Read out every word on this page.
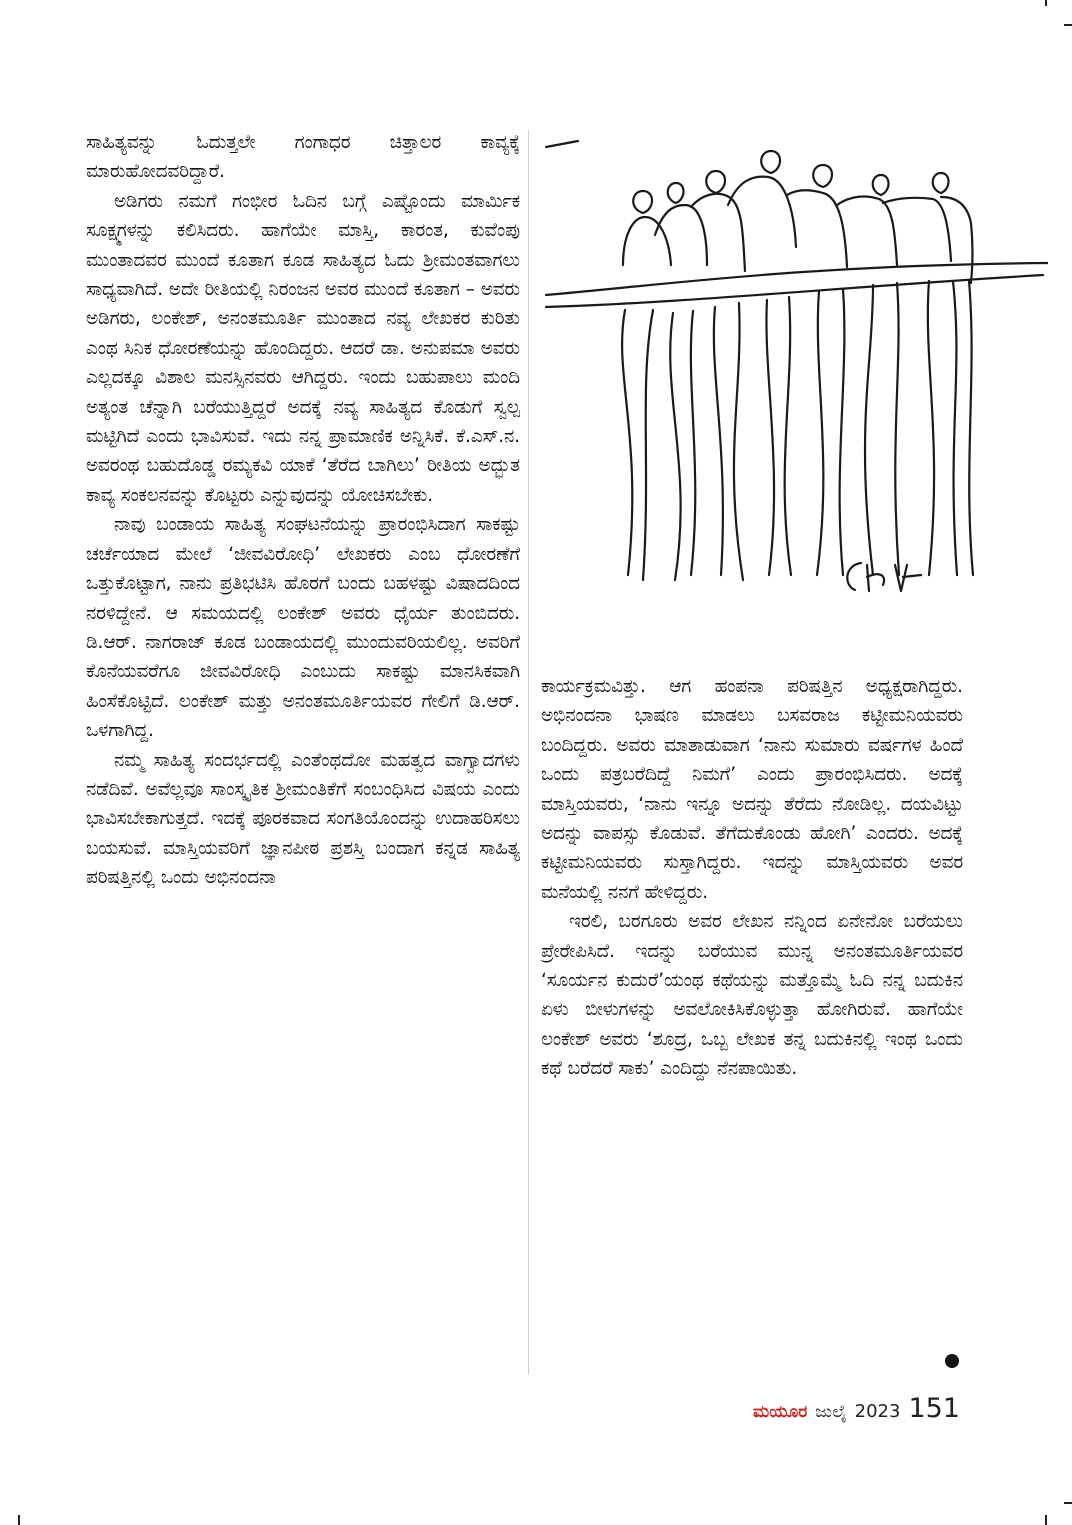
ಸಾಹಿತ್ಯವನ್ನು ಓದುತ್ತಲೇ ಗಂಗಾಧರ ಚಿತ್ತಾಲರ ಕಾವ್ಯಕ್ಕೆ ಮಾರುಹೋದವರಿದ್ದಾರೆ.

ಅಡಿಗರು ನಮಗೆ ಗಂಭೀರ ಓದಿನ ಬಗ್ಗೆ ಎಷ್ಟೊಂದು ಮಾರ್ಮಿಕ ಸೂಕ್ಷ್ಮಗಳನ್ನು ಕಲಿಸಿದರು. ಹಾಗೆಯೇ ಮಾಸ್ತಿ, ಕಾರಂತ, ಕುವೆಂಪು ಮುಂತಾದವರ ಮುಂದೆ ಕೂತಾಗ ಕೂಡ ಸಾಹಿತ್ಯದ ಓದು ಶ್ರೀಮಂತವಾಗಲು ಸಾಧ್ಯವಾಗಿದೆ. ಅದೇ ರೀತಿಯಲ್ಲಿ ನಿರಂಜನ ಅವರ ಮುಂದೆ ಕೂತಾಗ – ಅವರು ಅಡಿಗರು, ಲಂಕೇಶ್, ಅನಂತಮೂರ್ತಿ ಮುಂತಾದ ನವ್ಯ ಲೇಖಕರ ಕುರಿತು ಎಂಥ ಸಿನಿಕ ಧೋರಣೆಯನ್ನು ಹೊಂದಿದ್ದರು. ಆದರೆ ಡಾ. ಅನುಪಮಾ ಅವರು ಎಲ್ಲದಕ್ಕೂ ವಿಶಾಲ ಮನಸ್ಸಿನವರು ಆಗಿದ್ದರು. ಇಂದು ಬಹುಪಾಲು ಮಂದಿ ಅತ್ಯಂತ ಚೆನ್ನಾಗಿ ಬರೆಯುತ್ತಿದ್ದರೆ ಅದಕ್ಕೆ ನವ್ಯ ಸಾಹಿತ್ಯದ ಕೊಡುಗೆ ಸ್ವಲ್ಪ ಮಟ್ಟಿಗಿದೆ ಎಂದು ಭಾವಿಸುವೆ. ಇದು ನನ್ನ ಪ್ರಾಮಾಣಿಕ ಅನ್ನಿಸಿಕೆ. ಕೆ.ಎಸ್.ನ. ಅವರಂಥ ಬಹುದೊಡ್ಡ ರಮ್ಯಕವಿ ಯಾಕೆ ‘ತೆರೆದ ಬಾಗಿಲು’ ರೀತಿಯ ಅದ್ಭುತ ಕಾವ್ಯ ಸಂಕಲನವನ್ನು ಕೊಟ್ಟರು ಎನ್ನುವುದನ್ನು ಯೋಚಿಸಬೇಕು.

ನಾವು ಬಂಡಾಯ ಸಾಹಿತ್ಯ ಸಂಘಟನೆಯನ್ನು ಪ್ರಾರಂಭಿಸಿದಾಗ ಸಾಕಷ್ಟು ಚರ್ಚೆಯಾದ ಮೇಲೆ ‘ಜೀವವಿರೋಧಿ’ ಲೇಖಕರು ಎಂಬ ಧೋರಣೆಗೆ ಒತ್ತುಕೊಟ್ಟಾಗ, ನಾನು ಪ್ರತಿಭಟಿಸಿ ಹೊರಗೆ ಬಂದು ಬಹಳಷ್ಟು ವಿಷಾದದಿಂದ ನರಳಿದ್ದೇನೆ. ಆ ಸಮಯದಲ್ಲಿ ಲಂಕೇಶ್ ಅವರು ಧೈರ್ಯ ತುಂಬಿದರು. ಡಿ.ಆರ್. ನಾಗರಾಜ್ ಕೂಡ ಬಂಡಾಯದಲ್ಲಿ ಮುಂದುವರಿಯಲಿಲ್ಲ. ಅವರಿಗೆ ಕೊನೆಯವರೆಗೂ ಜೀವವಿರೋಧಿ ಎಂಬುದು ಸಾಕಷ್ಟು ಮಾನಸಿಕವಾಗಿ ಹಿಂಸೆಕೊಟ್ಟಿದೆ. ಲಂಕೇಶ್ ಮತ್ತು ಅನಂತಮೂರ್ತಿಯವರ ಗೇಲಿಗೆ ಡಿ.ಆರ್. ಒಳಗಾಗಿದ್ದ.

ನಮ್ಮ ಸಾಹಿತ್ಯ ಸಂದರ್ಭದಲ್ಲಿ ಎಂತೆಂಥದೋ ಮಹತ್ವದ ವಾಗ್ವಾದಗಳು ನಡೆದಿವೆ. ಅವೆಲ್ಲವೂ ಸಾಂಸ್ಕೃತಿಕ ಶ್ರೀಮಂತಿಕೆಗೆ ಸಂಬಂಧಿಸಿದ ವಿಷಯ ಎಂದು ಭಾವಿಸಬೇಕಾಗುತ್ತದೆ. ಇದಕ್ಕೆ ಪೂರಕವಾದ ಸಂಗತಿಯೊಂದನ್ನು ಉದಾಹರಿಸಲು ಬಯಸುವೆ. ಮಾಸ್ತಿಯವರಿಗೆ ಜ್ಞಾನಪೀಠ ಪ್ರಶಸ್ತಿ ಬಂದಾಗ ಕನ್ನಡ ಸಾಹಿತ್ಯ ಪರಿಷತ್ತಿನಲ್ಲಿ ಒಂದು ಅಭಿನಂದನಾ

ಕಾರ್ಯಕ್ರಮವಿತ್ತು. ಆಗ ಹಂಪನಾ ಪರಿಷತ್ತಿನ ಅಧ್ಯಕ್ಷರಾಗಿದ್ದರು. ಅಭಿನಂದನಾ ಭಾಷಣ ಮಾಡಲು ಬಸವರಾಜ ಕಟ್ಟೀಮನಿಯವರು ಬಂದಿದ್ದರು. ಅವರು ಮಾತಾಡುವಾಗ ‘ನಾನು ಸುಮಾರು ವರ್ಷಗಳ ಹಿಂದೆ ಒಂದು ಪತ್ರಬರೆದಿದ್ದೆ ನಿಮಗೆ’ ಎಂದು ಪ್ರಾರಂಭಿಸಿದರು. ಅದಕ್ಕೆ ಮಾಸ್ತಿಯವರು, ‘ನಾನು ಇನ್ನೂ ಅದನ್ನು ತೆರೆದು ನೋಡಿಲ್ಲ. ದಯವಿಟ್ಟು ಅದನ್ನು ವಾಪಸ್ಸು ಕೊಡುವೆ. ತೆಗೆದುಕೊಂಡು ಹೋಗಿ’ ಎಂದರು. ಅದಕ್ಕೆ ಕಟ್ಟೀಮನಿಯವರು ಸುಸ್ತಾಗಿದ್ದರು. ಇದನ್ನು ಮಾಸ್ತಿಯವರು ಅವರ ಮನೆಯಲ್ಲಿ ನನಗೆ ಹೇಳಿದ್ದರು.

ಇರಲಿ, ಬರಗೂರು ಅವರ ಲೇಖನ ನನ್ನಿಂದ ಏನೇನೋ ಬರೆಯಲು ಪ್ರೇರೇಪಿಸಿದೆ. ಇದನ್ನು ಬರೆಯುವ ಮುನ್ನ ಅನಂತಮೂರ್ತಿಯವರ ‘ಸೂರ್ಯನ ಕುದುರೆ’ಯಂಥ ಕಥೆಯನ್ನು ಮತ್ತೊಮ್ಮೆ ಓದಿ ನನ್ನ ಬದುಕಿನ ಏಳು ಬೀಳುಗಳನ್ನು ಅವಲೋಕಿಸಿಕೊಳ್ಳುತ್ತಾ ಹೋಗಿರುವೆ. ಹಾಗೆಯೇ ಲಂಕೇಶ್ ಅವರು ‘ಶೂದ್ರ, ಒಬ್ಬ ಲೇಖಕ ತನ್ನ ಬದುಕಿನಲ್ಲಿ ಇಂಥ ಒಂದು ಕಥೆ ಬರೆದರೆ ಸಾಕು’ ಎಂದಿದ್ದು ನೆನಪಾಯಿತು.

ಮಯೂರ ಜುಲೈ 2023 151
